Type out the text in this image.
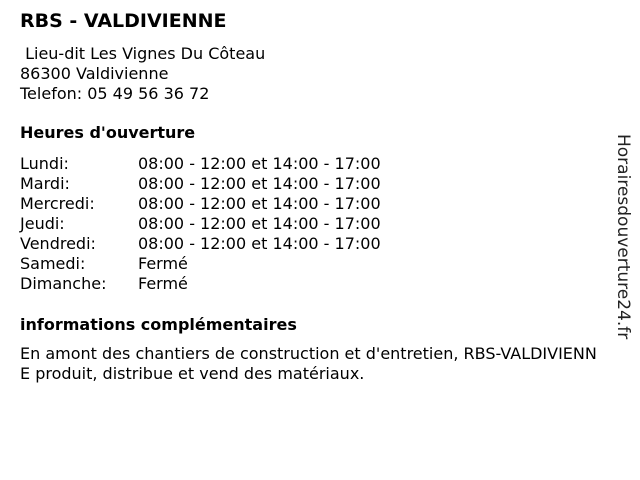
RBS - VALDIVIENNE
Lieu-dit Les Vignes Du Côteau
86300 Valdivienne
Telefon: 05 49 56 36 72
Heures d'ouverture
Lundi:	08:00 - 12:00 et 14:00 - 17:00
Mardi:	08:00 - 12:00 et 14:00 - 17:00
Mercredi:	08:00 - 12:00 et 14:00 - 17:00
Jeudi:	08:00 - 12:00 et 14:00 - 17:00
Vendredi:	08:00 - 12:00 et 14:00 - 17:00
Samedi:	Fermé
Dimanche:	Fermé
informations complémentaires
En amont des chantiers de construction et d'entretien, RBS-VALDIVIENNE produit, distribue et vend des matériaux.
Horairesdouverture24.fr
